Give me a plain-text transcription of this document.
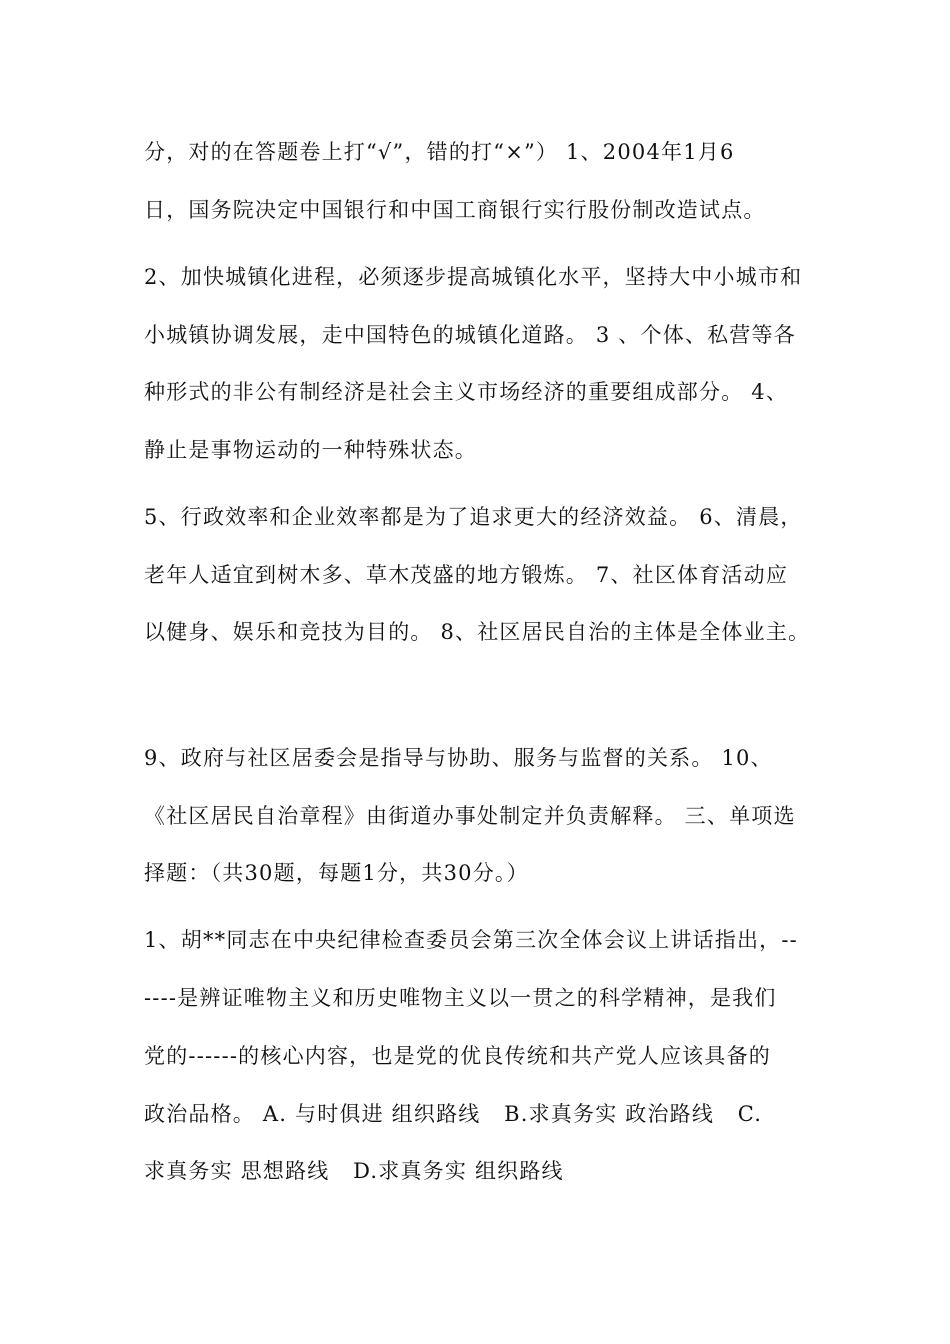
分，对的在答题卷上打“√”，错的打“×”） 1、2004年1月6
日，国务院决定中国银行和中国工商银行实行股份制改造试点。
2、加快城镇化进程，必须逐步提高城镇化水平，坚持大中小城市和
小城镇协调发展，走中国特色的城镇化道路。 3 、个体、私营等各
种形式的非公有制经济是社会主义市场经济的重要组成部分。 4、
静止是事物运动的一种特殊状态。
5、行政效率和企业效率都是为了追求更大的经济效益。 6、清晨，
老年人适宜到树木多、草木茂盛的地方锻炼。 7、社区体育活动应
以健身、娱乐和竞技为目的。 8、社区居民自治的主体是全体业主。
9、政府与社区居委会是指导与协助、服务与监督的关系。 10、
《社区居民自治章程》由街道办事处制定并负责解释。 三、单项选
择题：（共30题，每题1分，共30分。）
1、胡**同志在中央纪律检查委员会第三次全体会议上讲话指出，--
----是辨证唯物主义和历史唯物主义以一贯之的科学精神，是我们
党的------的核心内容，也是党的优良传统和共产党人应该具备的
政治品格。 A. 与时俱进 组织路线   B.求真务实 政治路线   C.
求真务实 思想路线   D.求真务实 组织路线
